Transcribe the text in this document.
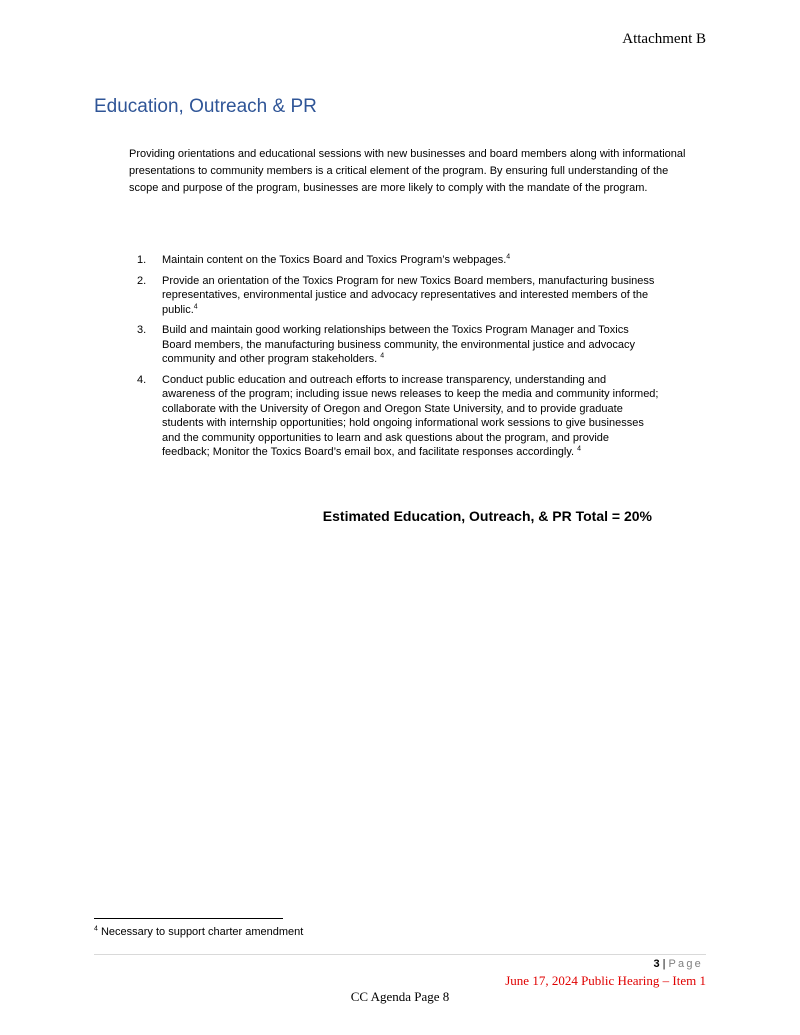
Attachment B
Education, Outreach & PR

Providing orientations and educational sessions with new businesses and board members along with informational presentations to community members is a critical element of the program. By ensuring full understanding of the scope and purpose of the program, businesses are more likely to comply with the mandate of the program.

1. Maintain content on the Toxics Board and Toxics Program’s webpages.$^4$
2. Provide an orientation of the Toxics Program for new Toxics Board members, manufacturing business representatives, environmental justice and advocacy representatives and interested members of the public.$^4$
3. Build and maintain good working relationships between the Toxics Program Manager and Toxics Board members, the manufacturing business community, the environmental justice and advocacy community and other program stakeholders. $^4$
4. Conduct public education and outreach efforts to increase transparency, understanding and awareness of the program; including issue news releases to keep the media and community informed; collaborate with the University of Oregon and Oregon State University, and to provide graduate students with internship opportunities; hold ongoing informational work sessions to give businesses and the community opportunities to learn and ask questions about the program, and provide feedback; Monitor the Toxics Board’s email box, and facilitate responses accordingly. $^4$

Estimated Education, Outreach, & PR Total = 20%

$^4$ Necessary to support charter amendment

3 | Page
June 17, 2024 Public Hearing – Item 1
CC Agenda Page 8
